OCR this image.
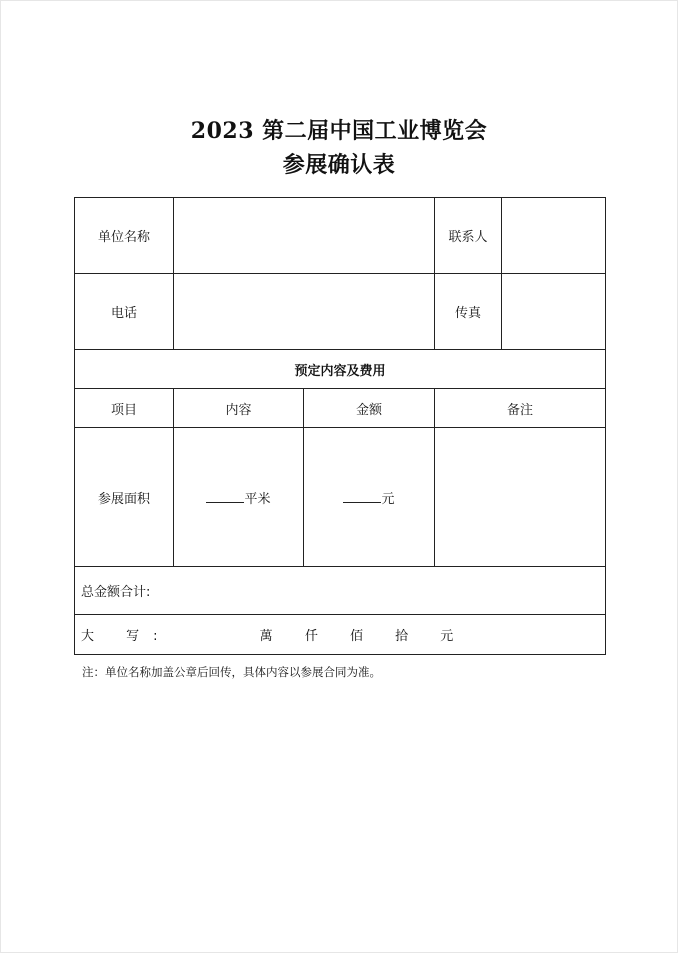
2023 第二届中国工业博览会
参展确认表
单位名称			联系人	
电话			传真	
预定内容及费用				
项目	内容	金额	备注	
参展面积	平米	元		
总金额合计:				
大 写: 萬 仟 佰 拾 元				
注：单位名称加盖公章后回传，具体内容以参展合同为准。
